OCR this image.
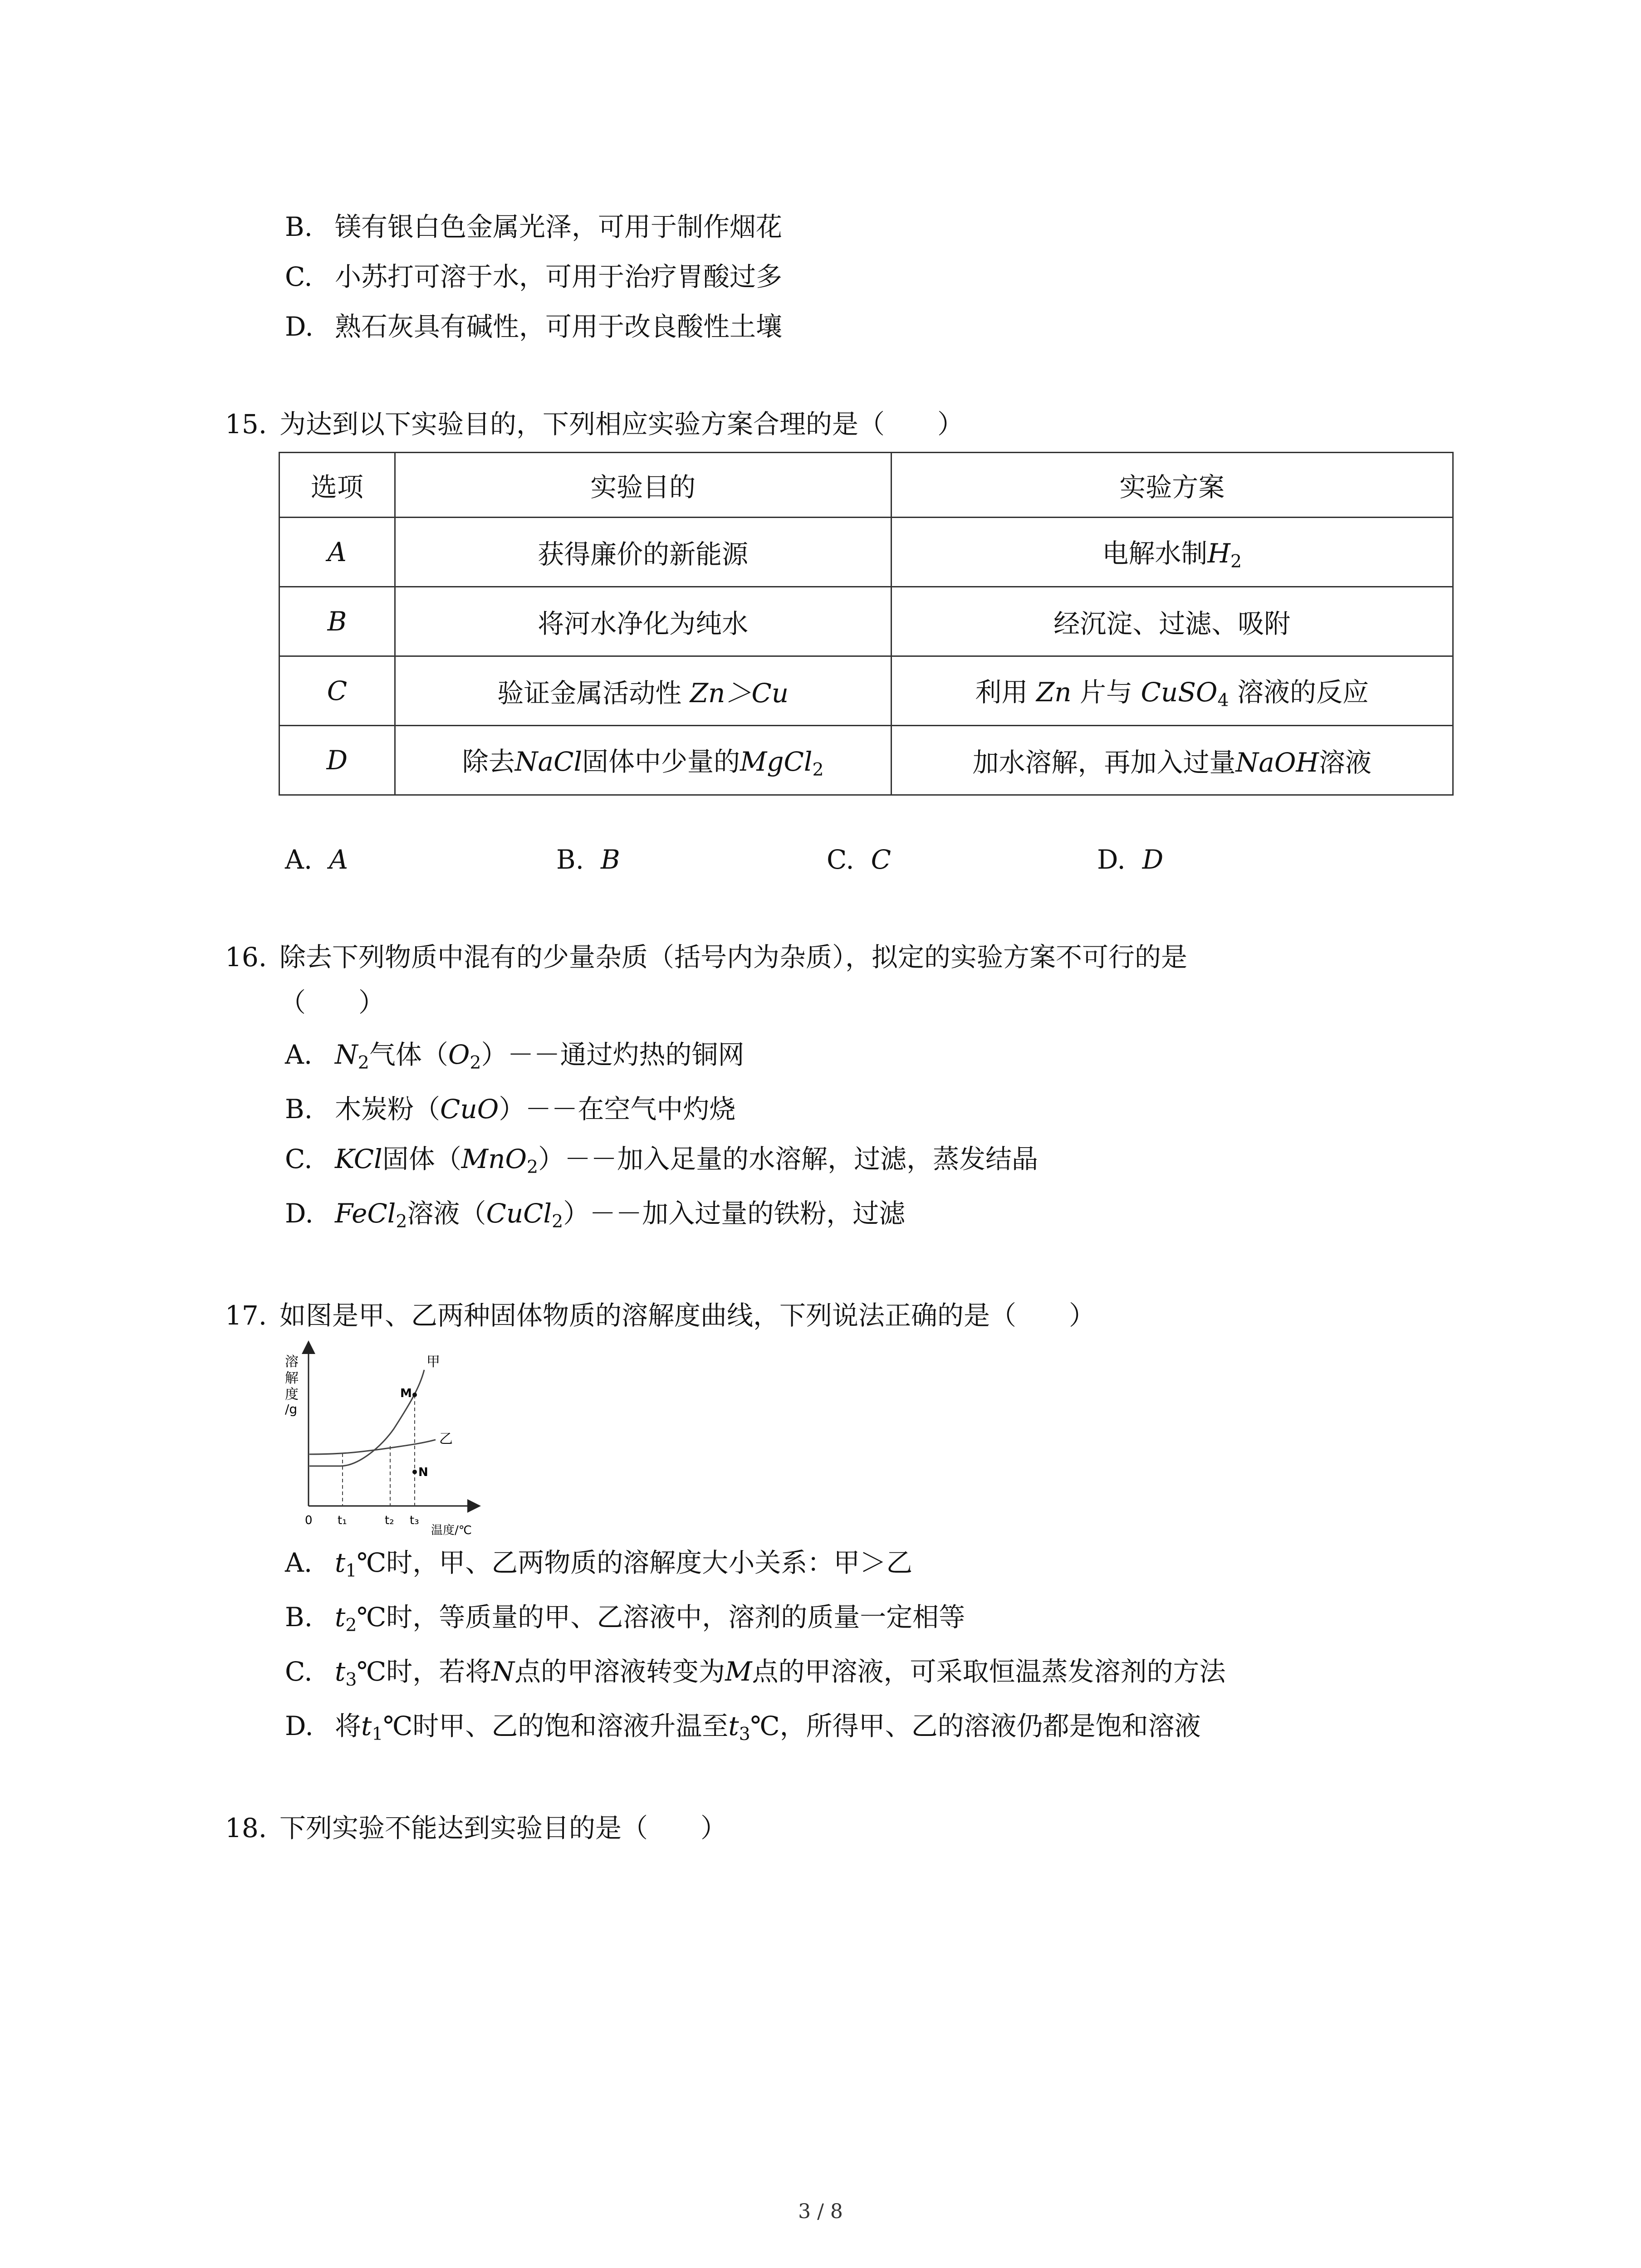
B. 镁有银白色金属光泽，可用于制作烟花
C. 小苏打可溶于水，可用于治疗胃酸过多
D. 熟石灰具有碱性，可用于改良酸性土壤
15. 为达到以下实验目的，下列相应实验方案合理的是（　　）
选项	实验目的	实验方案
A	获得廉价的新能源	电解水制$H_2$
B	将河水净化为纯水	经沉淀、过滤、吸附
C	验证金属活动性 Zn＞Cu	利用 Zn 片与 CuSO$_4$ 溶液的反应
D	除去NaCl固体中少量的MgCl$_2$	加水溶解，再加入过量NaOH溶液
A. A	B. B	C. C	D. D
16. 除去下列物质中混有的少量杂质（括号内为杂质），拟定的实验方案不可行的是
（　　）
A. $N_2$气体$(O_2)--$通过灼热的铜网
B. 木炭粉（CuO）－－在空气中灼烧
C. KCl固体（MnO$_2$）－－加入足量的水溶解，过滤，蒸发结晶
D. FeCl$_2$溶液（CuCl$_2$）－－加入过量的铁粉，过滤
17. 如图是甲、乙两种固体物质的溶解度曲线，下列说法正确的是（　　）
溶
解
度
/g
M
N
甲
乙
0 t₁	t₂ t₃
温度/℃
A. $t_1℃$时，甲、乙两物质的溶解度大小关系：甲＞乙
B. $t_2℃$时，等质量的甲、乙溶液中，溶剂的质量一定相等
C. $t_3℃$时，若将N点的甲溶液转变为M点的甲溶液，可采取恒温蒸发溶剂的方法
D. 将$t_1℃$时甲、乙的饱和溶液升温至$t_3℃$，所得甲、乙的溶液仍都是饱和溶液
18. 下列实验不能达到实验目的是（　　）
3 / 8
